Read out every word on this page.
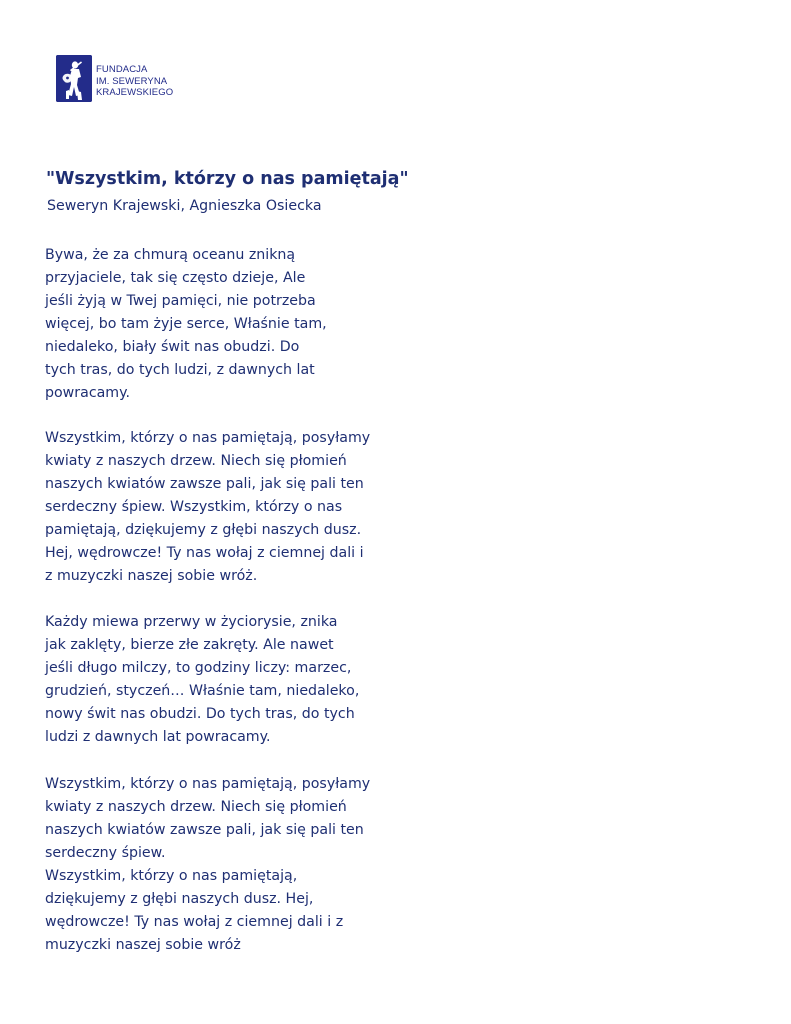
FUNDACJA
IM. SEWERYNA
KRAJEWSKIEGO
"Wszystkim, którzy o nas pamiętają"

Seweryn Krajewski, Agnieszka Osiecka

Bywa, że za chmurą oceanu znikną
przyjaciele, tak się często dzieje, Ale
jeśli żyją w Twej pamięci, nie potrzeba
więcej, bo tam żyje serce, Właśnie tam,
niedaleko, biały świt nas obudzi. Do
tych tras, do tych ludzi, z dawnych lat
powracamy.
Wszystkim, którzy o nas pamiętają, posyłamy
kwiaty z naszych drzew. Niech się płomień
naszych kwiatów zawsze pali, jak się pali ten
serdeczny śpiew. Wszystkim, którzy o nas
pamiętają, dziękujemy z głębi naszych dusz.
Hej, wędrowcze! Ty nas wołaj z ciemnej dali i
z muzyczki naszej sobie wróż.
Każdy miewa przerwy w życiorysie, znika
jak zaklęty, bierze złe zakręty. Ale nawet
jeśli długo milczy, to godziny liczy: marzec,
grudzień, styczeń… Właśnie tam, niedaleko,
nowy świt nas obudzi. Do tych tras, do tych
ludzi z dawnych lat powracamy.
Wszystkim, którzy o nas pamiętają, posyłamy
kwiaty z naszych drzew. Niech się płomień
naszych kwiatów zawsze pali, jak się pali ten
serdeczny śpiew.
Wszystkim, którzy o nas pamiętają,
dziękujemy z głębi naszych dusz. Hej,
wędrowcze! Ty nas wołaj z ciemnej dali i z
muzyczki naszej sobie wróż
